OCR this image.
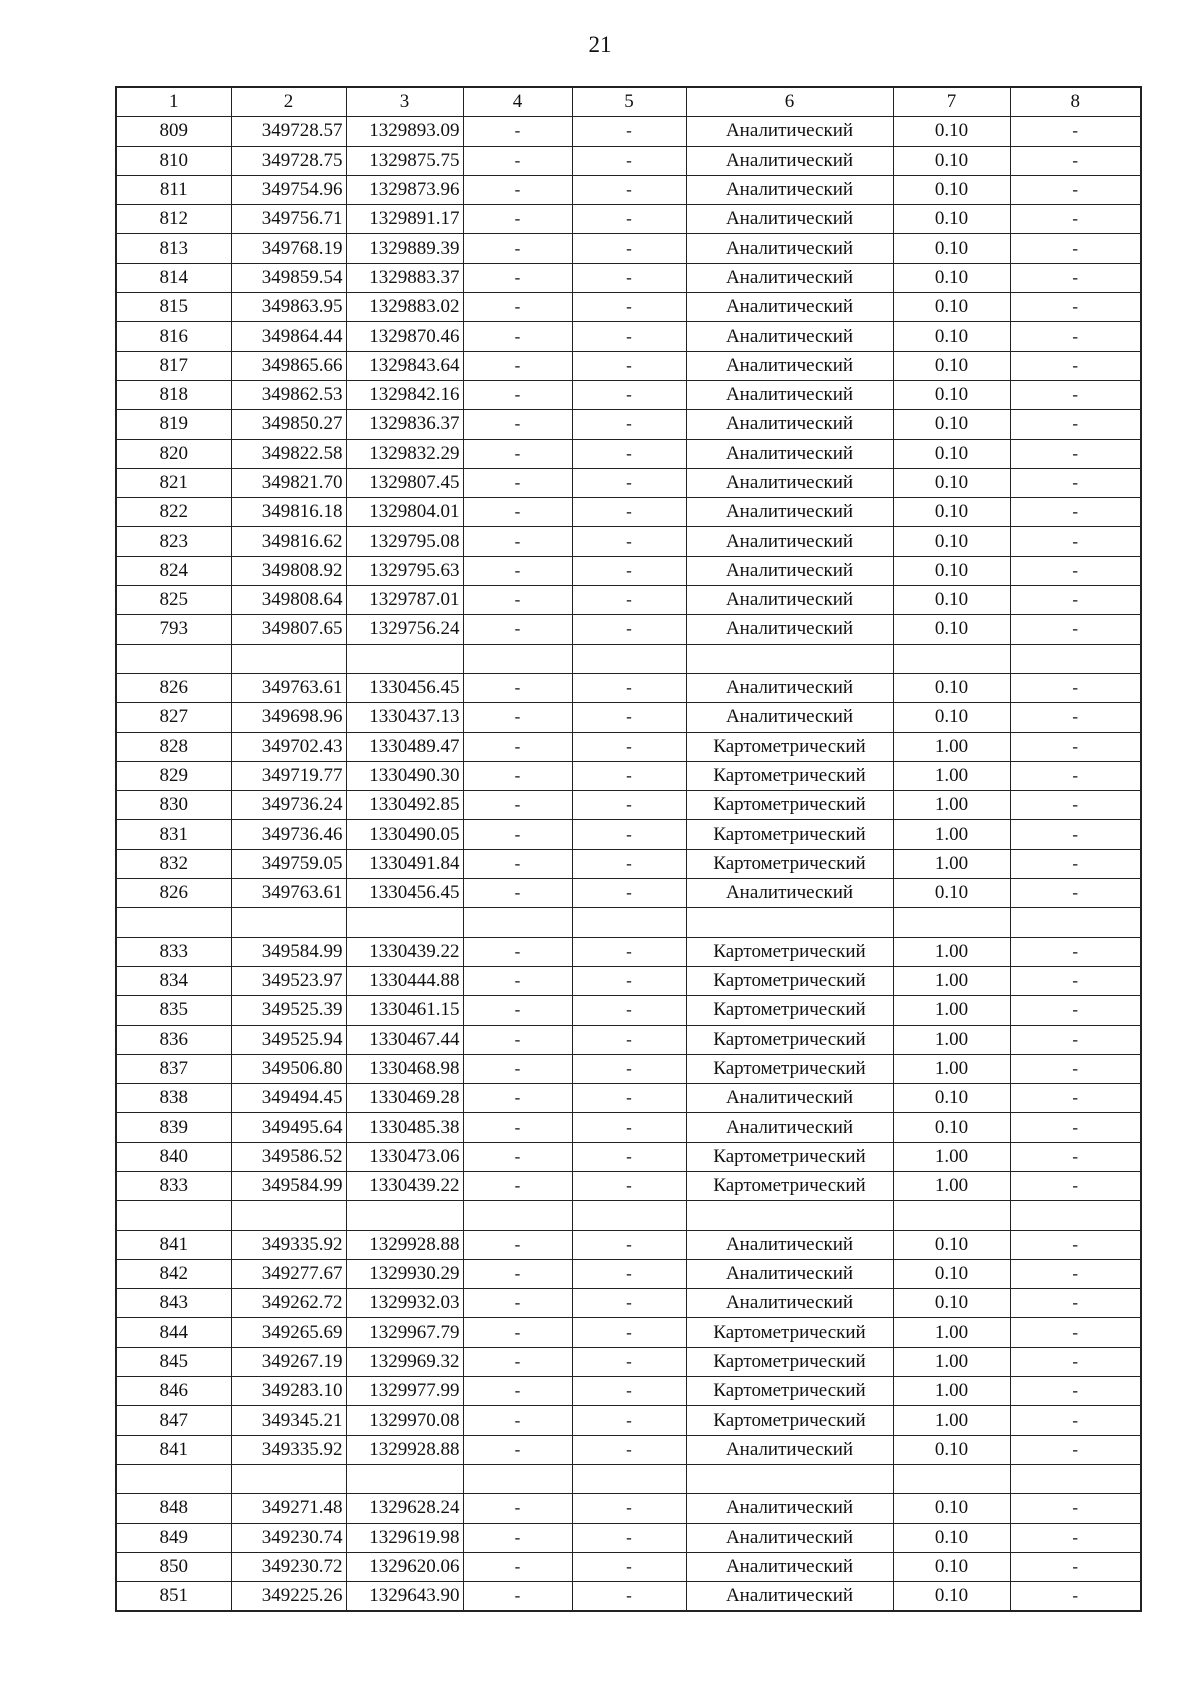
21
1	2	3	4	5	6	7	8
809	349728.57	1329893.09	-	-	Аналитический	0.10	-
810	349728.75	1329875.75	-	-	Аналитический	0.10	-
811	349754.96	1329873.96	-	-	Аналитический	0.10	-
812	349756.71	1329891.17	-	-	Аналитический	0.10	-
813	349768.19	1329889.39	-	-	Аналитический	0.10	-
814	349859.54	1329883.37	-	-	Аналитический	0.10	-
815	349863.95	1329883.02	-	-	Аналитический	0.10	-
816	349864.44	1329870.46	-	-	Аналитический	0.10	-
817	349865.66	1329843.64	-	-	Аналитический	0.10	-
818	349862.53	1329842.16	-	-	Аналитический	0.10	-
819	349850.27	1329836.37	-	-	Аналитический	0.10	-
820	349822.58	1329832.29	-	-	Аналитический	0.10	-
821	349821.70	1329807.45	-	-	Аналитический	0.10	-
822	349816.18	1329804.01	-	-	Аналитический	0.10	-
823	349816.62	1329795.08	-	-	Аналитический	0.10	-
824	349808.92	1329795.63	-	-	Аналитический	0.10	-
825	349808.64	1329787.01	-	-	Аналитический	0.10	-
793	349807.65	1329756.24	-	-	Аналитический	0.10	-

826	349763.61	1330456.45	-	-	Аналитический	0.10	-
827	349698.96	1330437.13	-	-	Аналитический	0.10	-
828	349702.43	1330489.47	-	-	Картометрический	1.00	-
829	349719.77	1330490.30	-	-	Картометрический	1.00	-
830	349736.24	1330492.85	-	-	Картометрический	1.00	-
831	349736.46	1330490.05	-	-	Картометрический	1.00	-
832	349759.05	1330491.84	-	-	Картометрический	1.00	-
826	349763.61	1330456.45	-	-	Аналитический	0.10	-

833	349584.99	1330439.22	-	-	Картометрический	1.00	-
834	349523.97	1330444.88	-	-	Картометрический	1.00	-
835	349525.39	1330461.15	-	-	Картометрический	1.00	-
836	349525.94	1330467.44	-	-	Картометрический	1.00	-
837	349506.80	1330468.98	-	-	Картометрический	1.00	-
838	349494.45	1330469.28	-	-	Аналитический	0.10	-
839	349495.64	1330485.38	-	-	Аналитический	0.10	-
840	349586.52	1330473.06	-	-	Картометрический	1.00	-
833	349584.99	1330439.22	-	-	Картометрический	1.00	-

841	349335.92	1329928.88	-	-	Аналитический	0.10	-
842	349277.67	1329930.29	-	-	Аналитический	0.10	-
843	349262.72	1329932.03	-	-	Аналитический	0.10	-
844	349265.69	1329967.79	-	-	Картометрический	1.00	-
845	349267.19	1329969.32	-	-	Картометрический	1.00	-
846	349283.10	1329977.99	-	-	Картометрический	1.00	-
847	349345.21	1329970.08	-	-	Картометрический	1.00	-
841	349335.92	1329928.88	-	-	Аналитический	0.10	-

848	349271.48	1329628.24	-	-	Аналитический	0.10	-
849	349230.74	1329619.98	-	-	Аналитический	0.10	-
850	349230.72	1329620.06	-	-	Аналитический	0.10	-
851	349225.26	1329643.90	-	-	Аналитический	0.10	-
